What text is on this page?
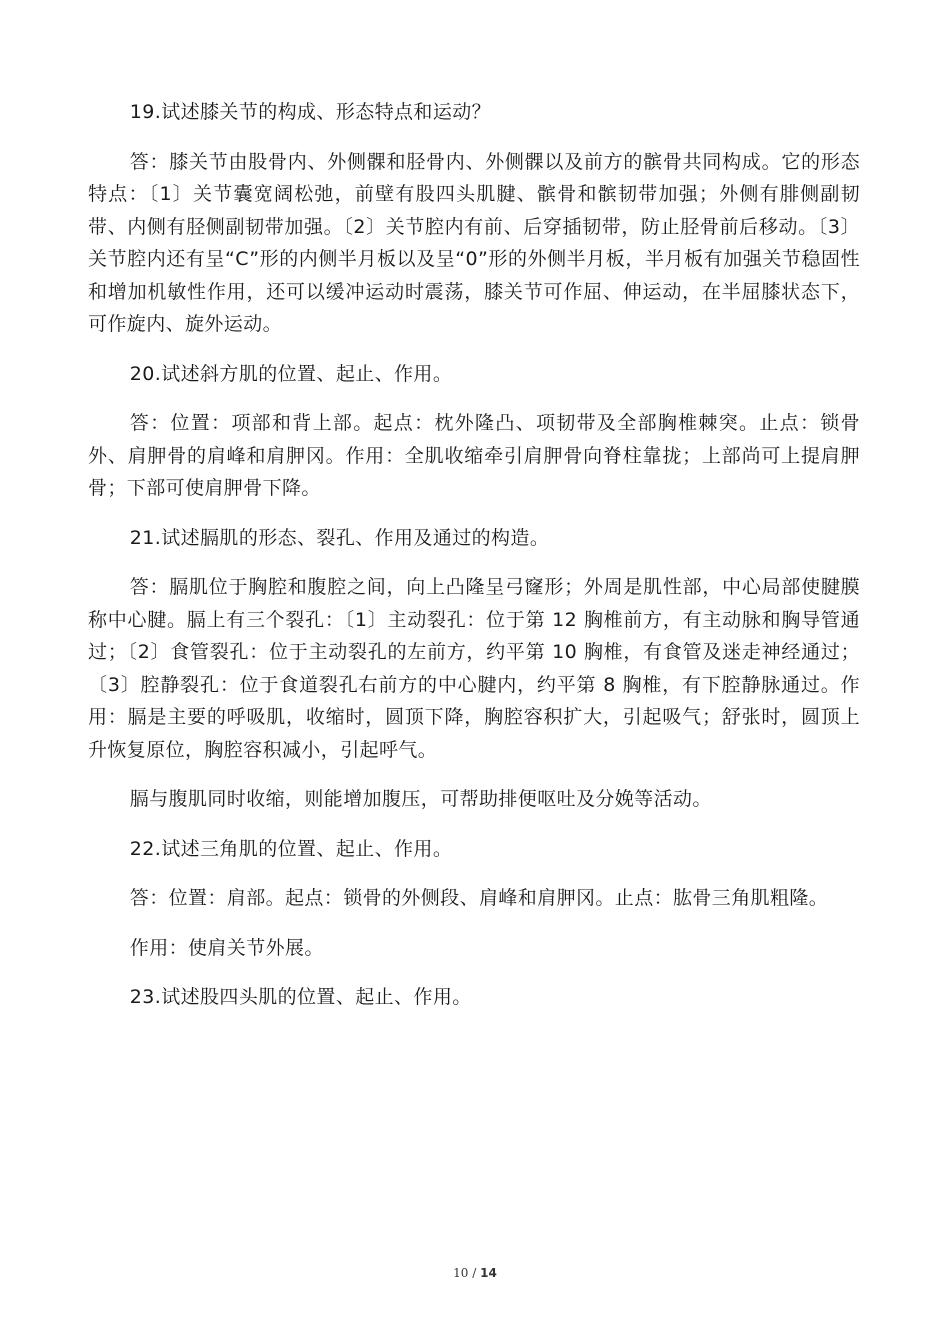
19.试述膝关节的构成、形态特点和运动？

答：膝关节由股骨内、外侧髁和胫骨内、外侧髁以及前方的髌骨共同构成。它的形态特点：〔1〕关节囊宽阔松弛，前壁有股四头肌腱、髌骨和髌韧带加强；外侧有腓侧副韧带、内侧有胫侧副韧带加强。〔2〕关节腔内有前、后穿插韧带，防止胫骨前后移动。〔3〕关节腔内还有呈“C”形的内侧半月板以及呈“0”形的外侧半月板，半月板有加强关节稳固性和增加机敏性作用，还可以缓冲运动时震荡，膝关节可作屈、伸运动，在半屈膝状态下，可作旋内、旋外运动。

20.试述斜方肌的位置、起止、作用。

答：位置：项部和背上部。起点：枕外隆凸、项韧带及全部胸椎棘突。止点：锁骨外、肩胛骨的肩峰和肩胛冈。作用：全肌收缩牵引肩胛骨向脊柱靠拢；上部尚可上提肩胛骨；下部可使肩胛骨下降。

21.试述膈肌的形态、裂孔、作用及通过的构造。

答：膈肌位于胸腔和腹腔之间，向上凸隆呈弓窿形；外周是肌性部，中心局部使腱膜称中心腱。膈上有三个裂孔：〔1〕主动裂孔：位于第 12 胸椎前方，有主动脉和胸导管通过；〔2〕食管裂孔：位于主动裂孔的左前方，约平第 10 胸椎，有食管及迷走神经通过；〔3〕腔静裂孔：位于食道裂孔右前方的中心腱内，约平第 8 胸椎，有下腔静脉通过。作用：膈是主要的呼吸肌，收缩时，圆顶下降，胸腔容积扩大，引起吸气；舒张时，圆顶上升恢复原位，胸腔容积减小，引起呼气。

膈与腹肌同时收缩，则能增加腹压，可帮助排便呕吐及分娩等活动。

22.试述三角肌的位置、起止、作用。

答：位置：肩部。起点：锁骨的外侧段、肩峰和肩胛冈。止点：肱骨三角肌粗隆。

作用：使肩关节外展。

23.试述股四头肌的位置、起止、作用。

10 / 14
